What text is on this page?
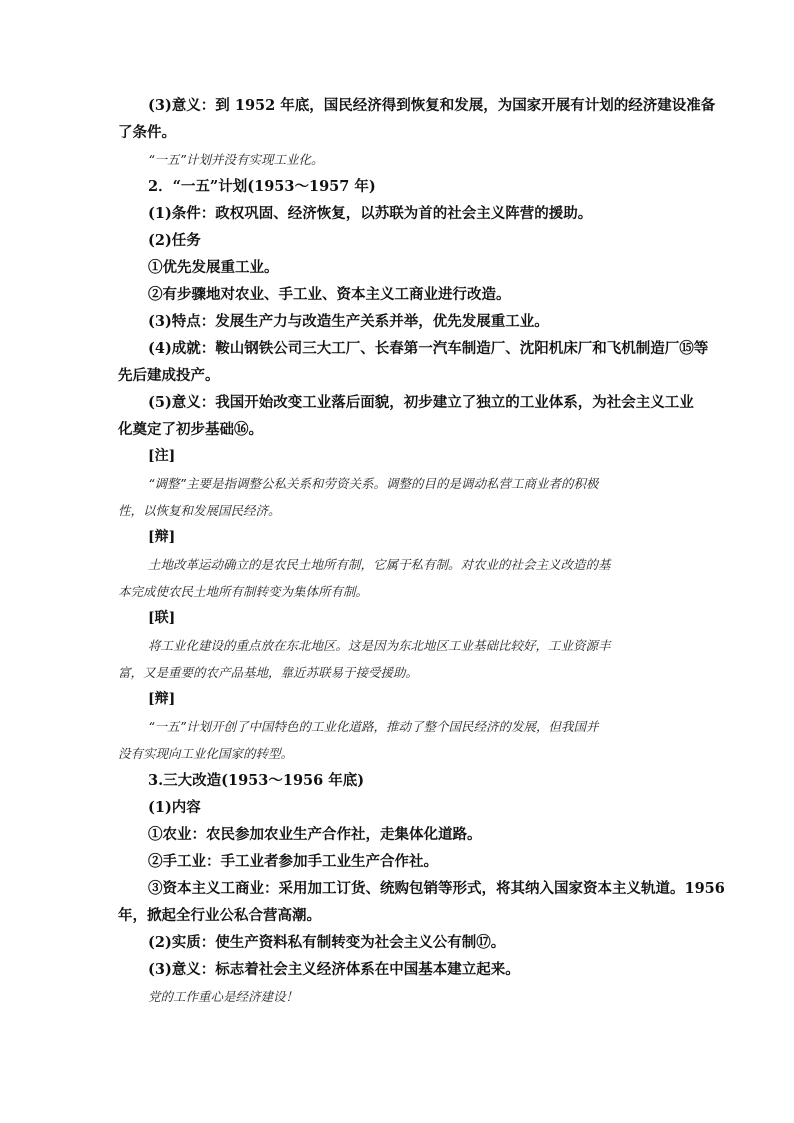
(3)意义：到 1952 年底，国民经济得到恢复和发展，为国家开展有计划的经济建设准备
了条件。
“一五”计划并没有实现工业化。
2．“一五”计划(1953～1957 年)
(1)条件：政权巩固、经济恢复，以苏联为首的社会主义阵营的援助。
(2)任务
①优先发展重工业。
②有步骤地对农业、手工业、资本主义工商业进行改造。
(3)特点：发展生产力与改造生产关系并举，优先发展重工业。
(4)成就：鞍山钢铁公司三大工厂、长春第一汽车制造厂、沈阳机床厂和飞机制造厂⑮等
先后建成投产。
(5)意义：我国开始改变工业落后面貌，初步建立了独立的工业体系，为社会主义工业
化奠定了初步基础⑯。
[注]
“调整”主要是指调整公私关系和劳资关系。调整的目的是调动私营工商业者的积极
性，以恢复和发展国民经济。
[辩]
土地改革运动确立的是农民土地所有制，它属于私有制。对农业的社会主义改造的基
本完成使农民土地所有制转变为集体所有制。
[联]
将工业化建设的重点放在东北地区。这是因为东北地区工业基础比较好，工业资源丰
富，又是重要的农产品基地，靠近苏联易于接受援助。
[辩]
“一五”计划开创了中国特色的工业化道路，推动了整个国民经济的发展，但我国并
没有实现向工业化国家的转型。
3.三大改造(1953～1956 年底)
(1)内容
①农业：农民参加农业生产合作社，走集体化道路。
②手工业：手工业者参加手工业生产合作社。
③资本主义工商业：采用加工订货、统购包销等形式，将其纳入国家资本主义轨道。1956
年，掀起全行业公私合营高潮。
(2)实质：使生产资料私有制转变为社会主义公有制⑰。
(3)意义：标志着社会主义经济体系在中国基本建立起来。
党的工作重心是经济建设！
